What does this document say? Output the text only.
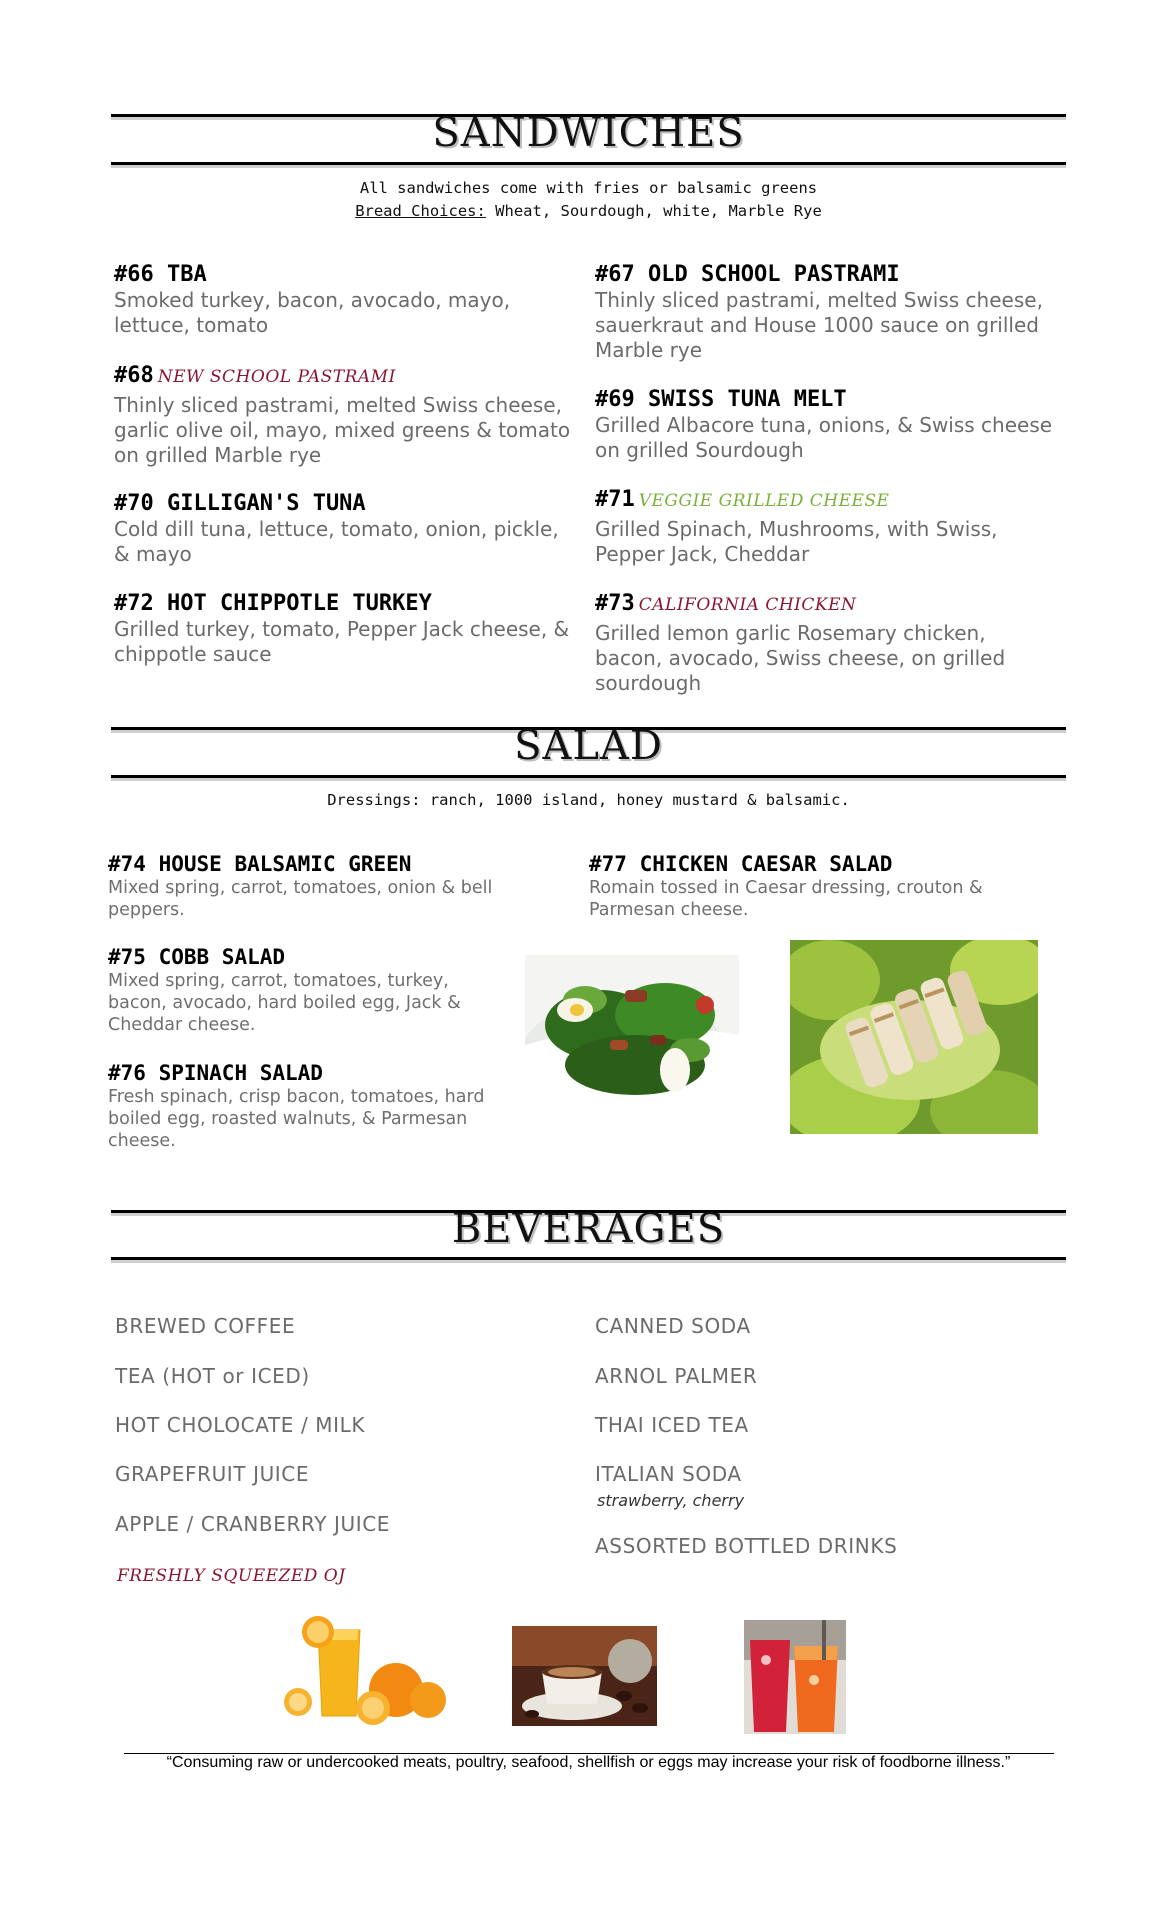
SANDWICHES
All sandwiches come with fries or balsamic greens
Bread Choices: Wheat, Sourdough, white, Marble Rye
#66 TBA
Smoked turkey, bacon, avocado, mayo, lettuce, tomato
#68 NEW SCHOOL PASTRAMI
Thinly sliced pastrami, melted Swiss cheese, garlic olive oil, mayo, mixed greens & tomato on grilled Marble rye
#70 GILLIGAN'S TUNA
Cold dill tuna, lettuce, tomato, onion, pickle, & mayo
#72 HOT CHIPPOTLE TURKEY
Grilled turkey, tomato, Pepper Jack cheese, & chippotle sauce
#67 OLD SCHOOL PASTRAMI
Thinly sliced pastrami, melted Swiss cheese, sauerkraut and House 1000 sauce on grilled Marble rye
#69 SWISS TUNA MELT
Grilled Albacore tuna, onions, & Swiss cheese on grilled Sourdough
#71 VEGGIE GRILLED CHEESE
Grilled Spinach, Mushrooms, with Swiss, Pepper Jack, Cheddar
#73 CALIFORNIA CHICKEN
Grilled lemon garlic Rosemary chicken, bacon, avocado, Swiss cheese, on grilled sourdough
SALAD
Dressings: ranch, 1000 island, honey mustard & balsamic.
#74 HOUSE BALSAMIC GREEN
Mixed spring, carrot, tomatoes, onion & bell peppers.
#77 CHICKEN CAESAR SALAD
Romain tossed in Caesar dressing, crouton & Parmesan cheese.
#75 COBB SALAD
Mixed spring, carrot, tomatoes, turkey, bacon, avocado, hard boiled egg, Jack & Cheddar cheese.
#76 SPINACH SALAD
Fresh spinach, crisp bacon, tomatoes, hard boiled egg, roasted walnuts, & Parmesan cheese.
BEVERAGES
BREWED COFFEE
TEA (HOT or ICED)
HOT CHOLOCATE / MILK
GRAPEFRUIT JUICE
APPLE / CRANBERRY JUICE
FRESHLY SQUEEZED OJ
CANNED SODA
ARNOL PALMER
THAI ICED TEA
ITALIAN SODA
strawberry, cherry
ASSORTED BOTTLED DRINKS
“Consuming raw or undercooked meats, poultry, seafood, shellfish or eggs may increase your risk of foodborne illness.”
